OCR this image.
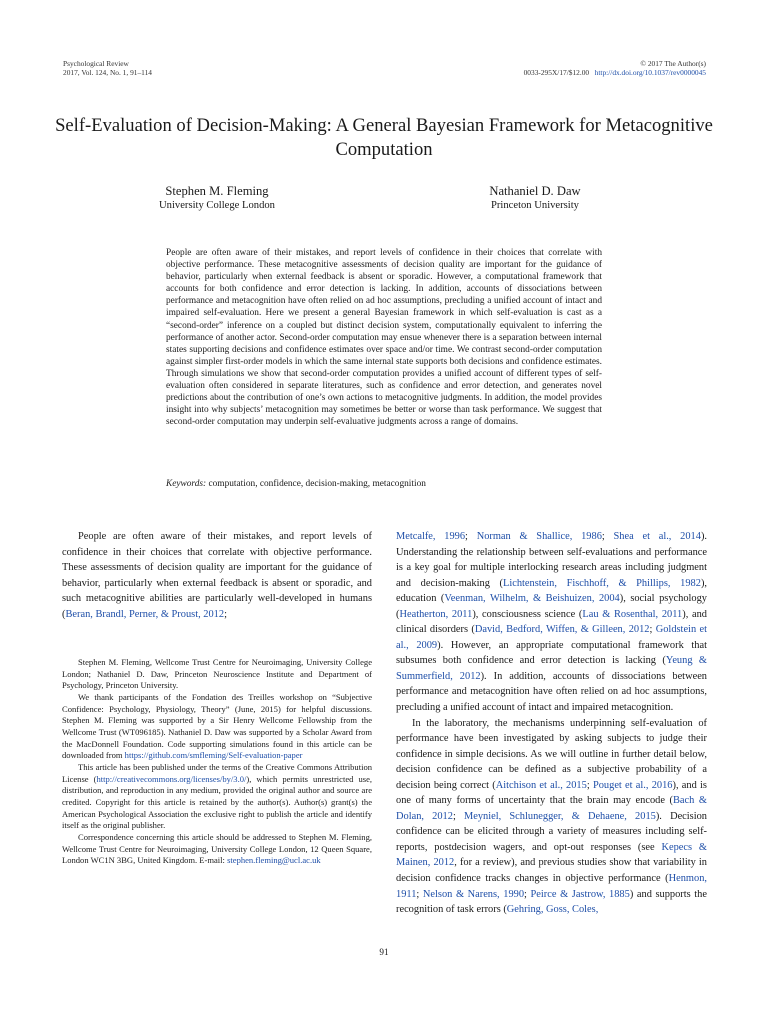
Psychological Review
2017, Vol. 124, No. 1, 91–114
© 2017 The Author(s)
0033-295X/17/$12.00 http://dx.doi.org/10.1037/rev0000045
Self-Evaluation of Decision-Making: A General Bayesian Framework for Metacognitive Computation
Stephen M. Fleming
University College London
Nathaniel D. Daw
Princeton University

People are often aware of their mistakes, and report levels of confidence in their choices that correlate with objective performance. These metacognitive assessments of decision quality are important for the guidance of behavior, particularly when external feedback is absent or sporadic. However, a computational framework that accounts for both confidence and error detection is lacking. In addition, accounts of dissociations between performance and metacognition have often relied on ad hoc assumptions, precluding a unified account of intact and impaired self-evaluation. Here we present a general Bayesian framework in which self-evaluation is cast as a “second-order” inference on a coupled but distinct decision system, computationally equivalent to inferring the performance of another actor. Second-order computation may ensue whenever there is a separation between internal states supporting decisions and confidence estimates over space and/or time. We contrast second-order computation against simpler first-order models in which the same internal state supports both decisions and confidence estimates. Through simulations we show that second-order computation provides a unified account of different types of self-evaluation often considered in separate literatures, such as confidence and error detection, and generates novel predictions about the contribution of one’s own actions to metacognitive judgments. In addition, the model provides insight into why subjects’ metacognition may sometimes be better or worse than task performance. We suggest that second-order computation may underpin self-evaluative judgments across a range of domains.

Keywords: computation, confidence, decision-making, metacognition

People are often aware of their mistakes, and report levels of confidence in their choices that correlate with objective performance. These assessments of decision quality are important for the guidance of behavior, particularly when external feedback is absent or sporadic, and such metacognitive abilities are particularly well-developed in humans (Beran, Brandl, Perner, & Proust, 2012;

Stephen M. Fleming, Wellcome Trust Centre for Neuroimaging, University College London; Nathaniel D. Daw, Princeton Neuroscience Institute and Department of Psychology, Princeton University.

We thank participants of the Fondation des Treilles workshop on “Subjective Confidence: Psychology, Physiology, Theory” (June, 2015) for helpful discussions. Stephen M. Fleming was supported by a Sir Henry Wellcome Fellowship from the Wellcome Trust (WT096185). Nathaniel D. Daw was supported by a Scholar Award from the MacDonnell Foundation. Code supporting simulations found in this article can be downloaded from https://github.com/smfleming/Self-evaluation-paper

This article has been published under the terms of the Creative Commons Attribution License (http://creativecommons.org/licenses/by/3.0/), which permits unrestricted use, distribution, and reproduction in any medium, provided the original author and source are credited. Copyright for this article is retained by the author(s). Author(s) grant(s) the American Psychological Association the exclusive right to publish the article and identify itself as the original publisher.

Correspondence concerning this article should be addressed to Stephen M. Fleming, Wellcome Trust Centre for Neuroimaging, University College London, 12 Queen Square, London WC1N 3BG, United Kingdom. E-mail: stephen.fleming@ucl.ac.uk

Metcalfe, 1996; Norman & Shallice, 1986; Shea et al., 2014). Understanding the relationship between self-evaluations and performance is a key goal for multiple interlocking research areas including judgment and decision-making (Lichtenstein, Fischhoff, & Phillips, 1982), education (Veenman, Wilhelm, & Beishuizen, 2004), social psychology (Heatherton, 2011), consciousness science (Lau & Rosenthal, 2011), and clinical disorders (David, Bedford, Wiffen, & Gilleen, 2012; Goldstein et al., 2009). However, an appropriate computational framework that subsumes both confidence and error detection is lacking (Yeung & Summerfield, 2012). In addition, accounts of dissociations between performance and metacognition have often relied on ad hoc assumptions, precluding a unified account of intact and impaired metacognition.

In the laboratory, the mechanisms underpinning self-evaluation of performance have been investigated by asking subjects to judge their confidence in simple decisions. As we will outline in further detail below, decision confidence can be defined as a subjective probability of a decision being correct (Aitchison et al., 2015; Pouget et al., 2016), and is one of many forms of uncertainty that the brain may encode (Bach & Dolan, 2012; Meyniel, Schlunegger, & Dehaene, 2015). Decision confidence can be elicited through a variety of measures including self-reports, postdecision wagers, and opt-out responses (see Kepecs & Mainen, 2012, for a review), and previous studies show that variability in decision confidence tracks changes in objective performance (Henmon, 1911; Nelson & Narens, 1990; Peirce & Jastrow, 1885) and supports the recognition of task errors (Gehring, Goss, Coles,

91
